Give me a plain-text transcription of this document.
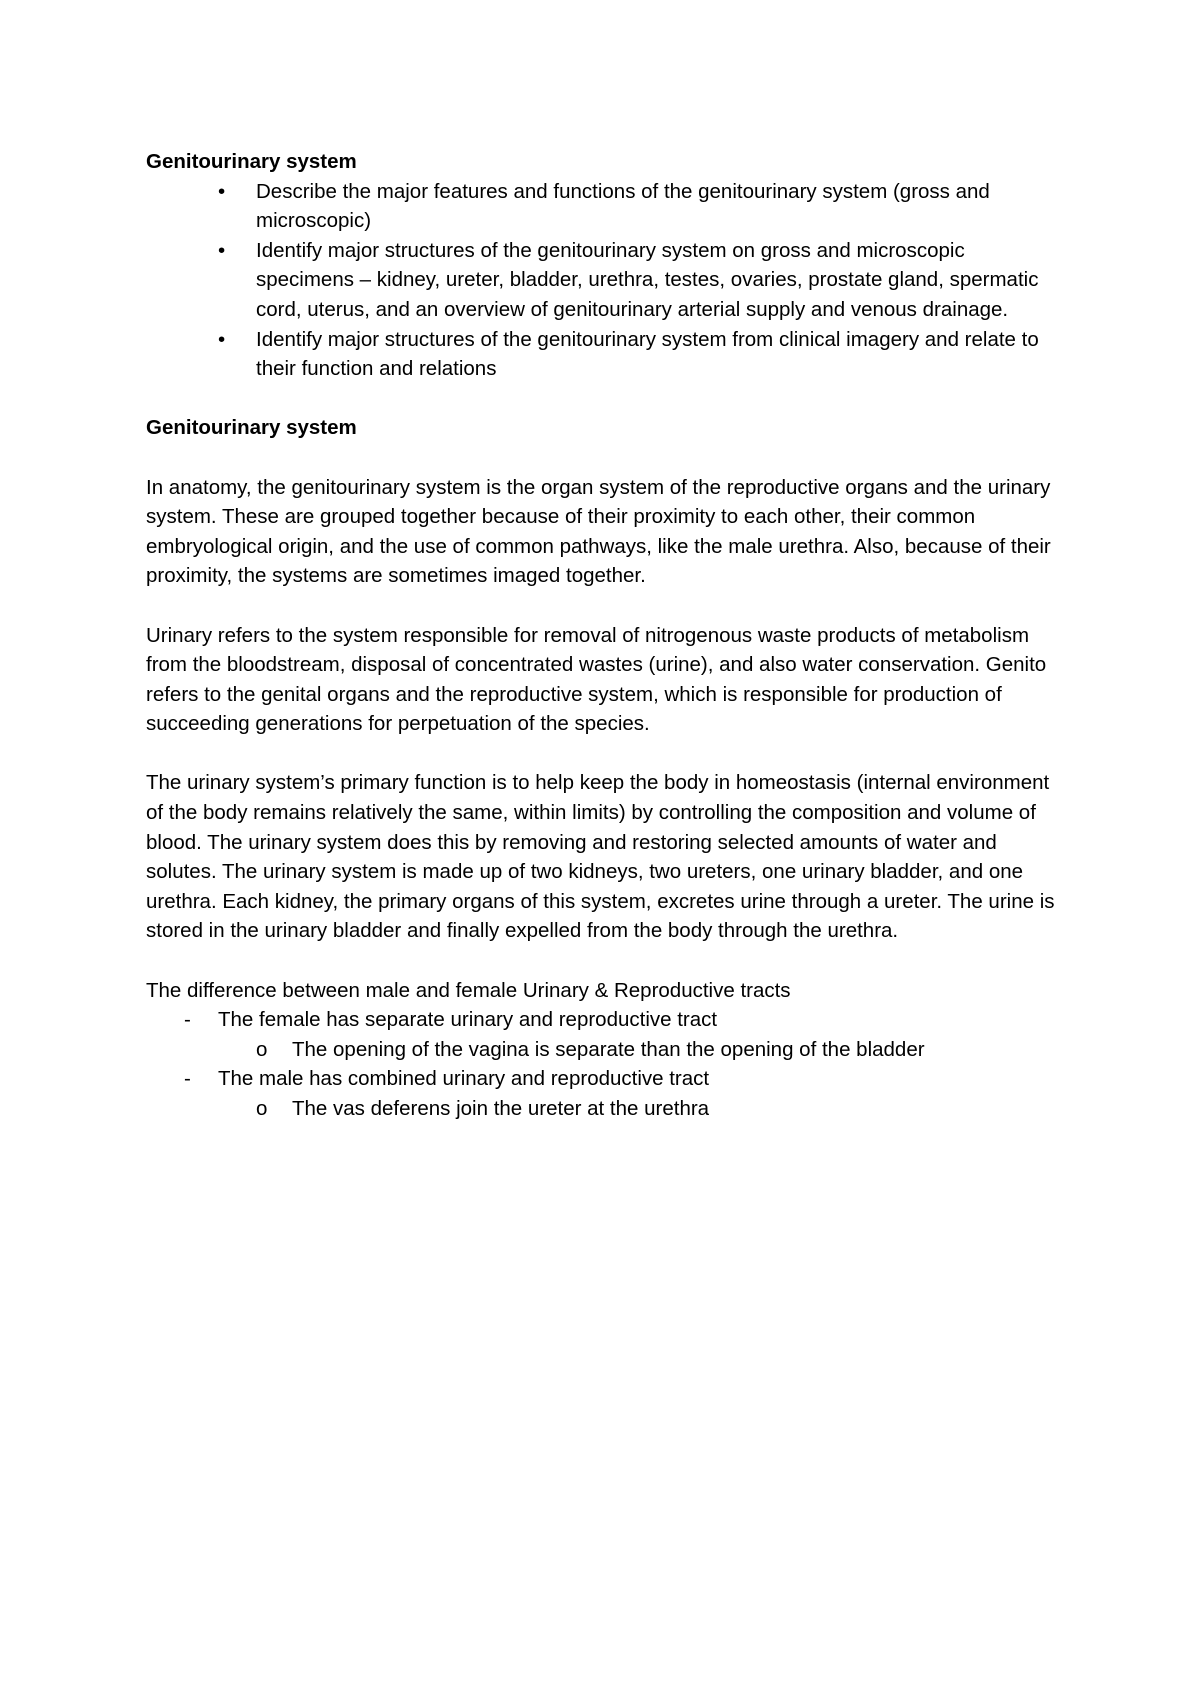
Genitourinary system

• Describe the major features and functions of the genitourinary system (gross and microscopic)
• Identify major structures of the genitourinary system on gross and microscopic specimens – kidney, ureter, bladder, urethra, testes, ovaries, prostate gland, spermatic cord, uterus, and an overview of genitourinary arterial supply and venous drainage.
• Identify major structures of the genitourinary system from clinical imagery and relate to their function and relations

Genitourinary system

In anatomy, the genitourinary system is the organ system of the reproductive organs and the urinary system. These are grouped together because of their proximity to each other, their common embryological origin, and the use of common pathways, like the male urethra. Also, because of their proximity, the systems are sometimes imaged together.

Urinary refers to the system responsible for removal of nitrogenous waste products of metabolism from the bloodstream, disposal of concentrated wastes (urine), and also water conservation. Genito refers to the genital organs and the reproductive system, which is responsible for production of succeeding generations for perpetuation of the species.

The urinary system’s primary function is to help keep the body in homeostasis (internal environment of the body remains relatively the same, within limits) by controlling the composition and volume of blood. The urinary system does this by removing and restoring selected amounts of water and solutes. The urinary system is made up of two kidneys, two ureters, one urinary bladder, and one urethra. Each kidney, the primary organs of this system, excretes urine through a ureter. The urine is stored in the urinary bladder and finally expelled from the body through the urethra.

The difference between male and female Urinary & Reproductive tracts

- The female has separate urinary and reproductive tract
o The opening of the vagina is separate than the opening of the bladder
- The male has combined urinary and reproductive tract
o The vas deferens join the ureter at the urethra
